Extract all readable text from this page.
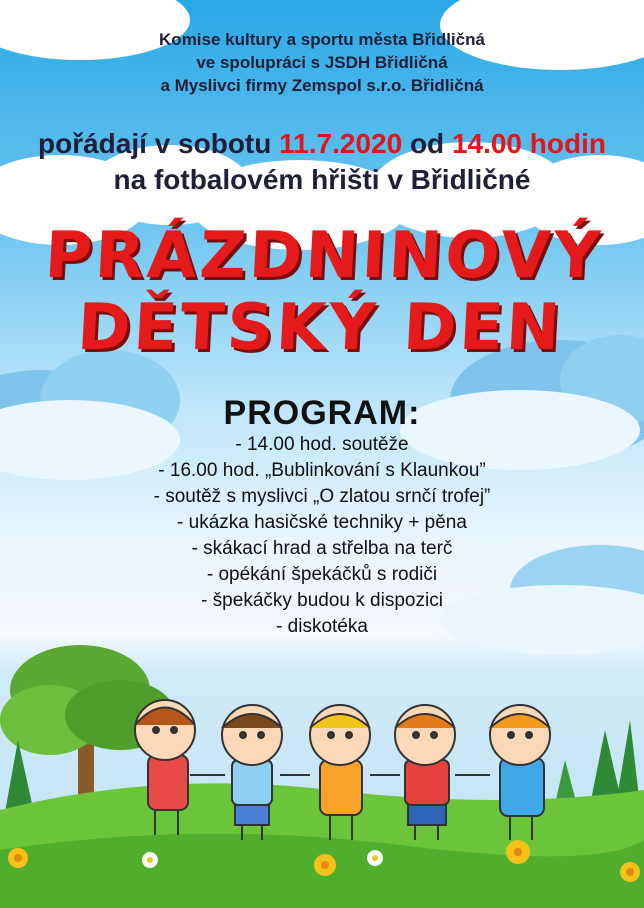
Komise kultury a sportu města Břidličná
ve spolupráci s JSDH Břidličná
a Myslivci firmy Zemspol s.r.o. Břidličná
pořádají v sobotu 11.7.2020 od 14.00 hodin
na fotbalovém hřišti v Břidličné
PRÁZDNINOVÝ
DĚTSKÝ DEN
PROGRAM:
- 14.00 hod. soutěže
- 16.00 hod. „Bublinkování s Klaunkou”
- soutěž s myslivci „O zlatou srnčí trofej”
- ukázka hasičské techniky + pěna
- skákací hrad a střelba na terč
- opékání špekáčků s rodiči
- špekáčky budou k dispozici
- diskotéka
